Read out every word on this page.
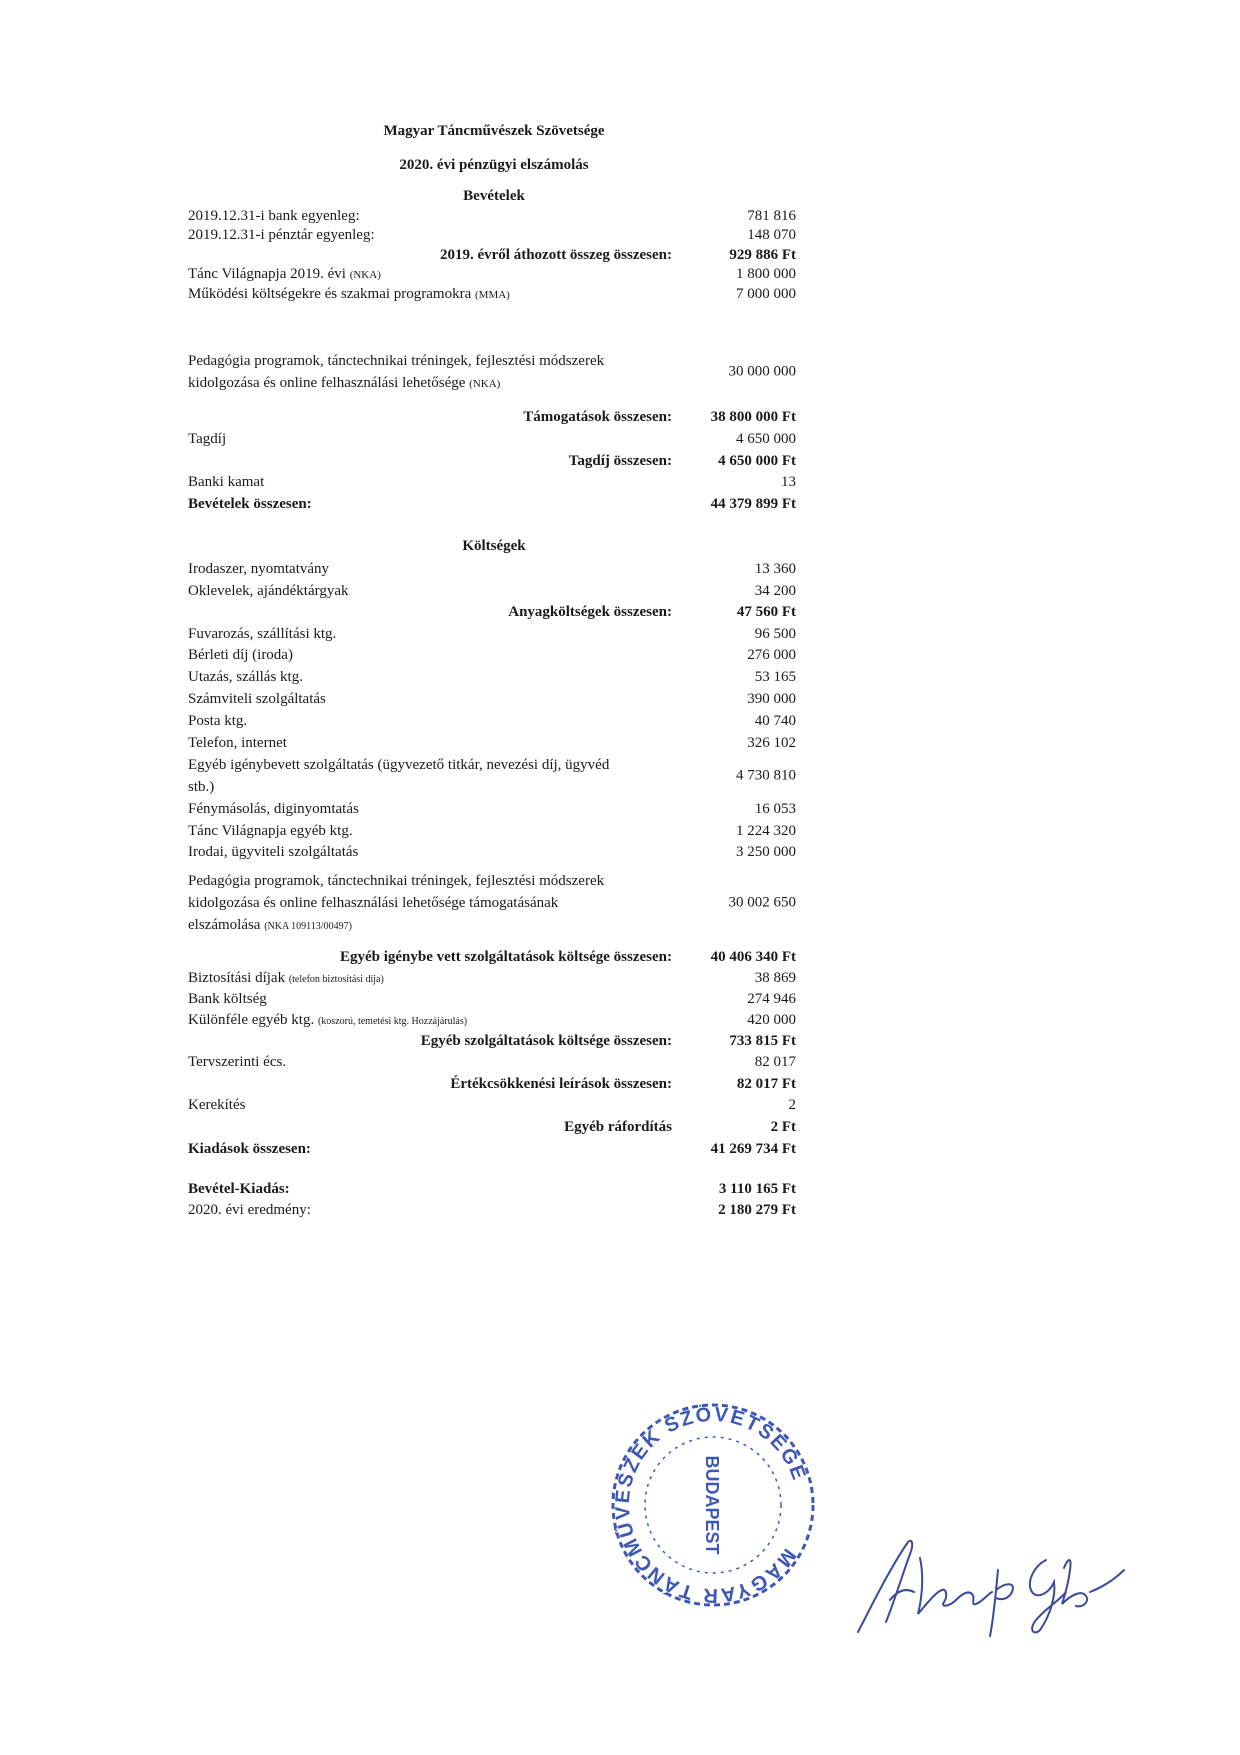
Magyar Táncművészek Szövetsége
2020. évi pénzügyi elszámolás
Bevételek
2019.12.31-i bank egyenleg:	781 816
2019.12.31-i pénztár egyenleg:	148 070
2019. évről áthozott összeg összesen:	929 886 Ft
Tánc Világnapja 2019. évi (NKA)	1 800 000
Működési költségekre és szakmai programokra (MMA)	7 000 000
Pedagógia programok, tánctechnikai tréningek, fejlesztési módszerek kidolgozása és online felhasználási lehetősége (NKA)
30 000 000
Támogatások összesen:	38 800 000 Ft
Tagdíj	4 650 000
Tagdíj összesen:	4 650 000 Ft
Banki kamat	13
Bevételek összesen:	44 379 899 Ft
Költségek
Irodaszer, nyomtatvány	13 360
Oklevelek, ajándéktárgyak	34 200
Anyagköltségek összesen:	47 560 Ft
Fuvarozás, szállítási ktg.	96 500
Bérleti díj (iroda)	276 000
Utazás, szállás ktg.	53 165
Számviteli szolgáltatás	390 000
Posta ktg.	40 740
Telefon, internet	326 102
Egyéb igénybevett szolgáltatás (ügyvezető titkár, nevezési díj, ügyvéd stb.)
4 730 810
Fénymásolás, diginyomtatás	16 053
Tánc Világnapja egyéb ktg.	1 224 320
Irodai, ügyviteli szolgáltatás	3 250 000
Pedagógia programok, tánctechnikai tréningek, fejlesztési módszerek kidolgozása és online felhasználási lehetősége támogatásának elszámolása (NKA 109113/00497)
30 002 650
Egyéb igénybe vett szolgáltatások költsége összesen:	40 406 340 Ft
Biztosítási díjak (telefon biztosítási díja)	38 869
Bank költség	274 946
Különféle egyéb ktg. (koszorú, temetési ktg. Hozzájárulás)	420 000
Egyéb szolgáltatások költsége összesen:	733 815 Ft
Tervszerinti écs.	82 017
Értékcsökkenési leírások összesen:	82 017 Ft
Kerekítés	2
Egyéb ráfordítás	2 Ft
Kiadások összesen:	41 269 734 Ft
Bevétel-Kiadás:	3 110 165 Ft
2020. évi eredmény:	2 180 279 Ft
MAGYAR TÁNCMŰVÉSZEK SZÖVETSÉGE
BUDAPEST
